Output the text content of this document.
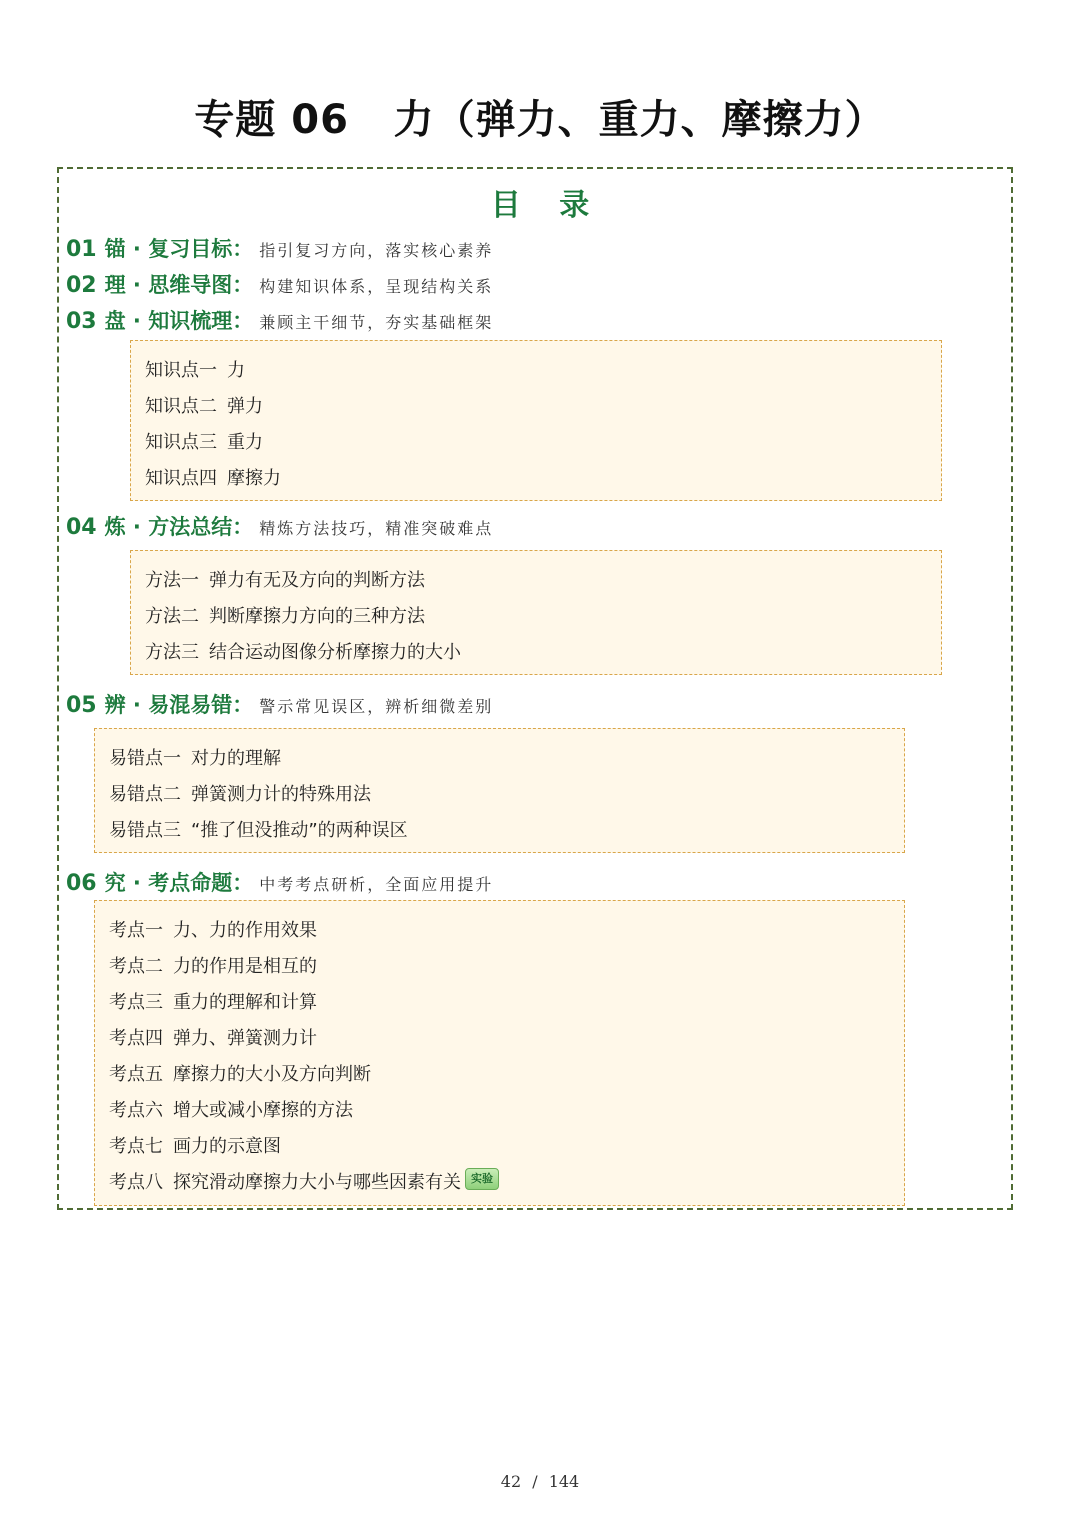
专题 06   力（弹力、重力、摩擦力）
目 录
01 锚 · 复习目标： 指引复习方向，落实核心素养
02 理 · 思维导图： 构建知识体系，呈现结构关系
03 盘 · 知识梳理： 兼顾主干细节，夯实基础框架
知识点一 力
知识点二 弹力
知识点三 重力
知识点四 摩擦力
04 炼 · 方法总结： 精炼方法技巧，精准突破难点
方法一 弹力有无及方向的判断方法
方法二 判断摩擦力方向的三种方法
方法三 结合运动图像分析摩擦力的大小
05 辨 · 易混易错： 警示常见误区，辨析细微差别
易错点一 对力的理解
易错点二 弹簧测力计的特殊用法
易错点三 “推了但没推动”的两种误区
06 究 · 考点命题： 中考考点研析，全面应用提升
考点一 力、力的作用效果
考点二 力的作用是相互的
考点三 重力的理解和计算
考点四 弹力、弹簧测力计
考点五 摩擦力的大小及方向判断
考点六 增大或减小摩擦的方法
考点七 画力的示意图
考点八 探究滑动摩擦力大小与哪些因素有关 实验
42 / 144
